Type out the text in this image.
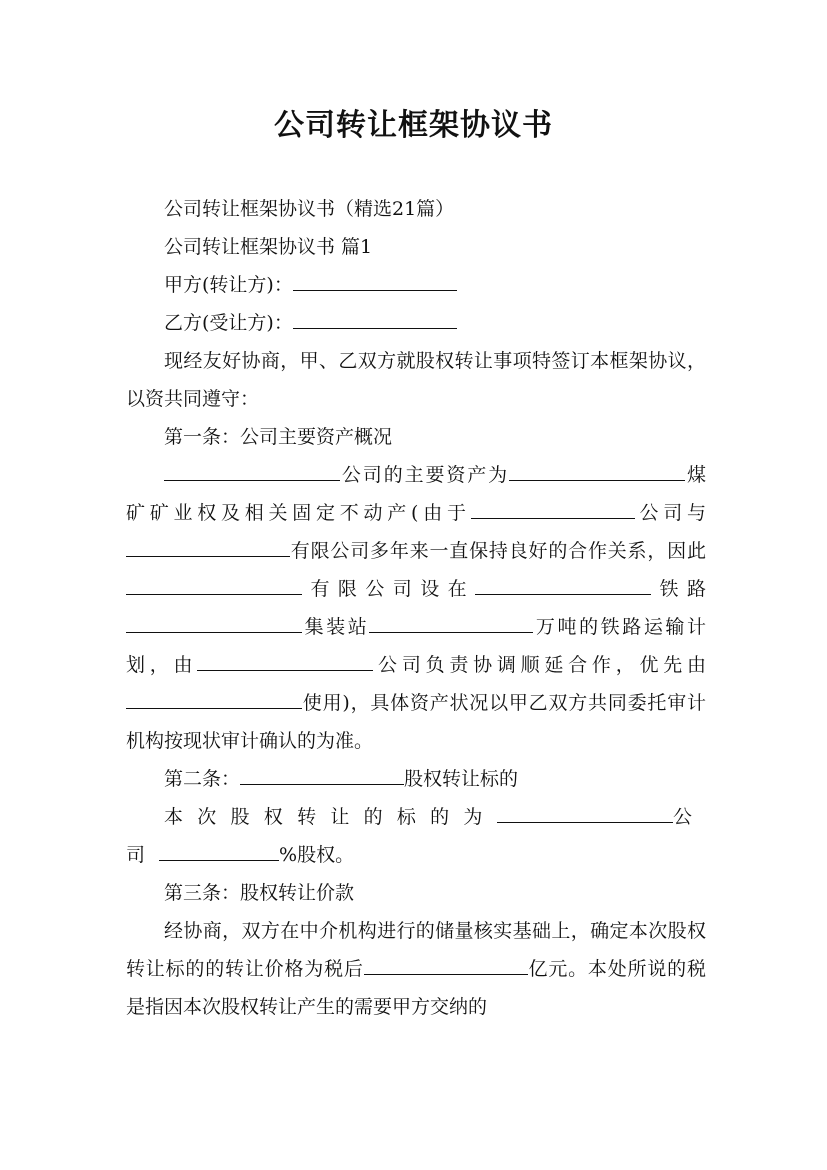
公司转让框架协议书

公司转让框架协议书（精选21篇）

公司转让框架协议书 篇1

甲方(转让方)：

乙方(受让方)：

现经友好协商，甲、乙双方就股权转让事项特签订本框架协议，以资共同遵守：

第一条：公司主要资产概况

公司的主要资产为	煤矿矿业权及相关固定不动产(由于	公司与有限公司多年来一直保持良好的合作关系，因此有限公司设在	铁路集装站	万吨的铁路运输计划，由	公司负责协调顺延合作，优先由使用)，具体资产状况以甲乙双方共同委托审计机构按现状审计确认的为准。

第二条：	股权转让标的

本次股权转让的标的为	公司	%股权。

第三条：股权转让价款

经协商，双方在中介机构进行的储量核实基础上，确定本次股权转让标的的转让价格为税后	亿元。本处所说的税是指因本次股权转让产生的需要甲方交纳的
